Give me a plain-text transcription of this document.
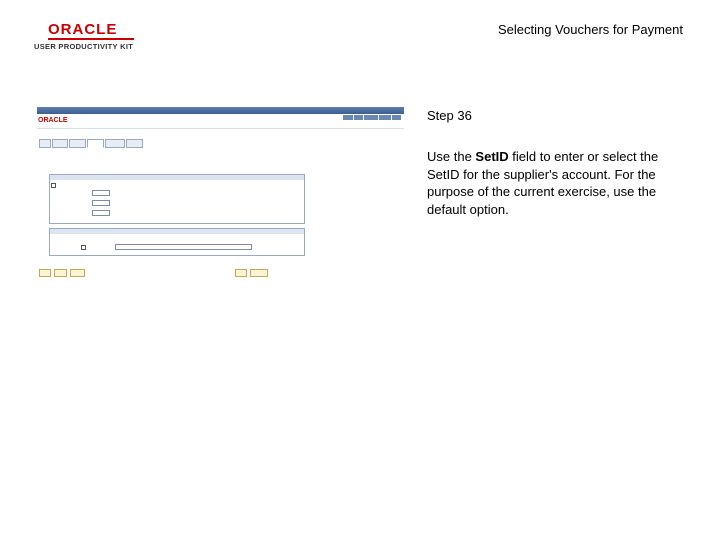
ORACLE
USER PRODUCTIVITY KIT
Selecting Vouchers for Payment
ORACLE

	Step 36
Use the SetID field to enter or select the SetID for the supplier's account. For the purpose of the current exercise, use the default option.
